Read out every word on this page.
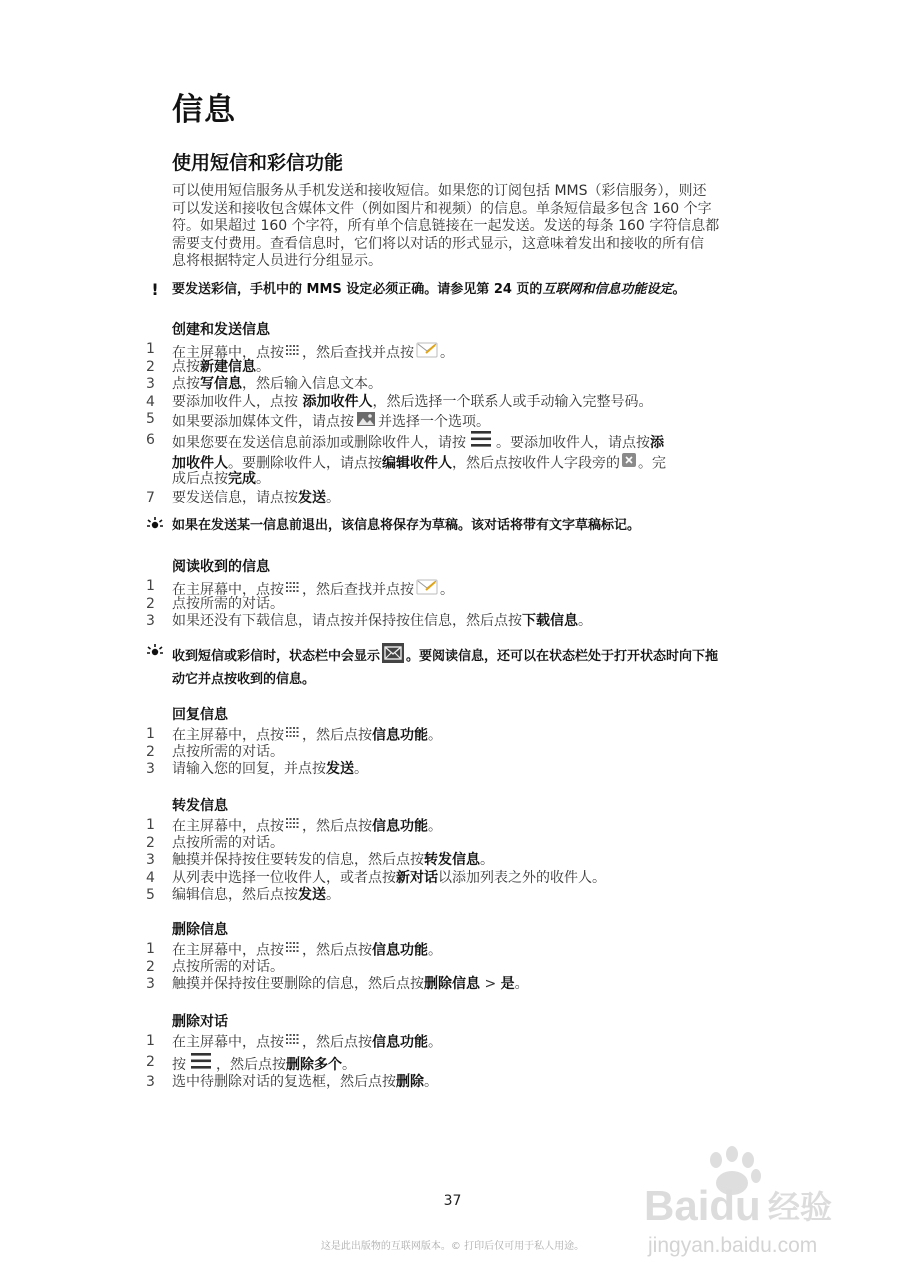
信息
使用短信和彩信功能
可以使用短信服务从手机发送和接收短信。如果您的订阅包括 MMS（彩信服务），则还
可以发送和接收包含媒体文件（例如图片和视频）的信息。单条短信最多包含 160 个字
符。如果超过 160 个字符，所有单个信息链接在一起发送。发送的每条 160 字符信息都
需要支付费用。查看信息时，它们将以对话的形式显示，这意味着发出和接收的所有信
息将根据特定人员进行分组显示。
!	要发送彩信，手机中的 MMS 设定必须正确。请参见第 24 页的互联网和信息功能设定。
创建和发送信息
1	在主屏幕中，点按 ，然后查找并点按 。
2	点按新建信息。
3	点按写信息，然后输入信息文本。
4	要添加收件人，点按 添加收件人，然后选择一个联系人或手动输入完整号码。
5	如果要添加媒体文件，请点按 并选择一个选项。
6	如果您要在发送信息前添加或删除收件人，请按 。要添加收件人，请点按添
加收件人。要删除收件人，请点按编辑收件人，然后点按收件人字段旁的 。完
成后点按完成。
7	要发送信息，请点按发送。
如果在发送某一信息前退出，该信息将保存为草稿。该对话将带有文字草稿标记。
阅读收到的信息
1	在主屏幕中，点按 ，然后查找并点按 。
2	点按所需的对话。
3	如果还没有下载信息，请点按并保持按住信息，然后点按下载信息。
收到短信或彩信时，状态栏中会显示 。要阅读信息，还可以在状态栏处于打开状态时向下拖
动它并点按收到的信息。
回复信息
1	在主屏幕中，点按 ，然后点按信息功能。
2	点按所需的对话。
3	请输入您的回复，并点按发送。
转发信息
1	在主屏幕中，点按 ，然后点按信息功能。
2	点按所需的对话。
3	触摸并保持按住要转发的信息，然后点按转发信息。
4	从列表中选择一位收件人，或者点按新对话以添加列表之外的收件人。
5	编辑信息，然后点按发送。
删除信息
1	在主屏幕中，点按 ，然后点按信息功能。
2	点按所需的对话。
3	触摸并保持按住要删除的信息，然后点按删除信息 > 是。
删除对话
1	在主屏幕中，点按 ，然后点按信息功能。
2	按 ，然后点按删除多个。
3	选中待删除对话的复选框，然后点按删除。
37
这是此出版物的互联网版本。© 打印后仅可用于私人用途。
Baidu 经验
jingyan.baidu.com
